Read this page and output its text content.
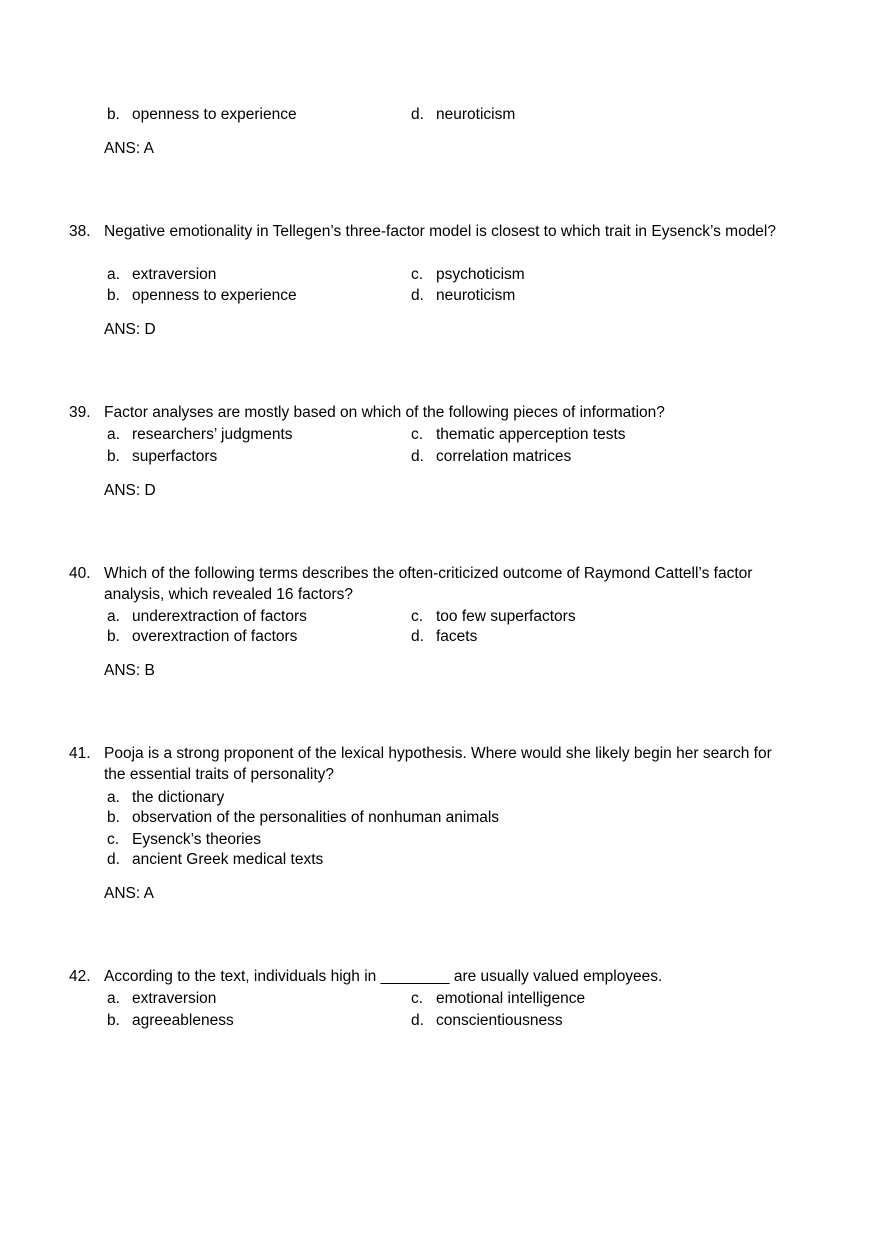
b. openness to experience	d. neuroticism
ANS: A
38. Negative emotionality in Tellegen’s three-factor model is closest to which trait in Eysenck’s model?
a. extraversion	c. psychoticism
b. openness to experience	d. neuroticism
ANS: D
39. Factor analyses are mostly based on which of the following pieces of information?
a. researchers’ judgments	c. thematic apperception tests
b. superfactors	d. correlation matrices
ANS: D
40. Which of the following terms describes the often-criticized outcome of Raymond Cattell’s factor analysis, which revealed 16 factors?
a. underextraction of factors	c. too few superfactors
b. overextraction of factors	d. facets
ANS: B
41. Pooja is a strong proponent of the lexical hypothesis. Where would she likely begin her search for the essential traits of personality?
a. the dictionary
b. observation of the personalities of nonhuman animals
c. Eysenck’s theories
d. ancient Greek medical texts
ANS: A
42. According to the text, individuals high in ________ are usually valued employees.
a. extraversion	c. emotional intelligence
b. agreeableness	d. conscientiousness
